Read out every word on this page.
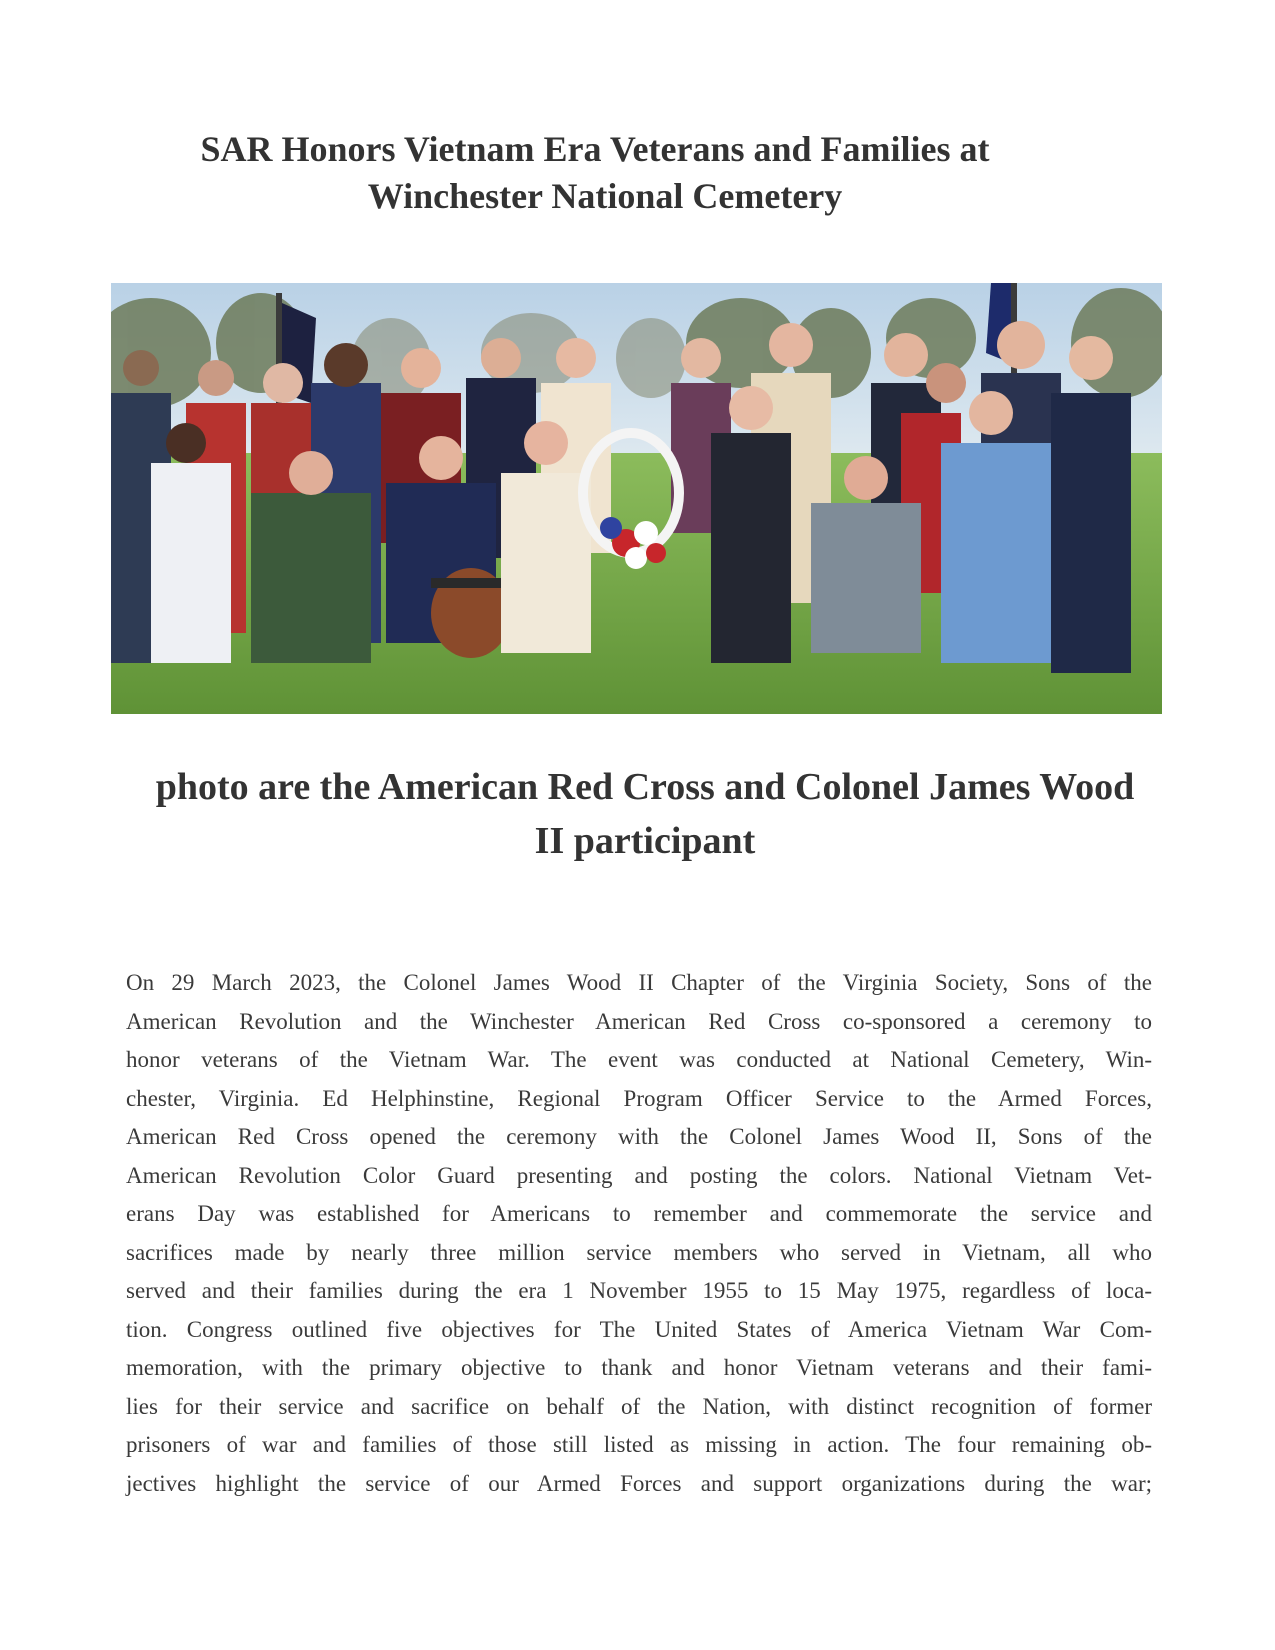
SAR Honors Vietnam Era Veterans and Families at
Winchester National Cemetery
photo are the American Red Cross and Colonel James Wood
II participant
On 29 March 2023, the Colonel James Wood II Chapter of the Virginia Society, Sons of the
American Revolution and the Winchester American Red Cross co-sponsored a ceremony to
honor veterans of the Vietnam War. The event was conducted at National Cemetery, Win-
chester, Virginia. Ed Helphinstine, Regional Program Officer Service to the Armed Forces,
American Red Cross opened the ceremony with the Colonel James Wood II, Sons of the
American Revolution Color Guard presenting and posting the colors. National Vietnam Vet-
erans Day was established for Americans to remember and commemorate the service and
sacrifices made by nearly three million service members who served in Vietnam, all who
served and their families during the era 1 November 1955 to 15 May 1975, regardless of loca-
tion. Congress outlined five objectives for The United States of America Vietnam War Com-
memoration, with the primary objective to thank and honor Vietnam veterans and their fami-
lies for their service and sacrifice on behalf of the Nation, with distinct recognition of former
prisoners of war and families of those still listed as missing in action. The four remaining ob-
jectives highlight the service of our Armed Forces and support organizations during the war;
